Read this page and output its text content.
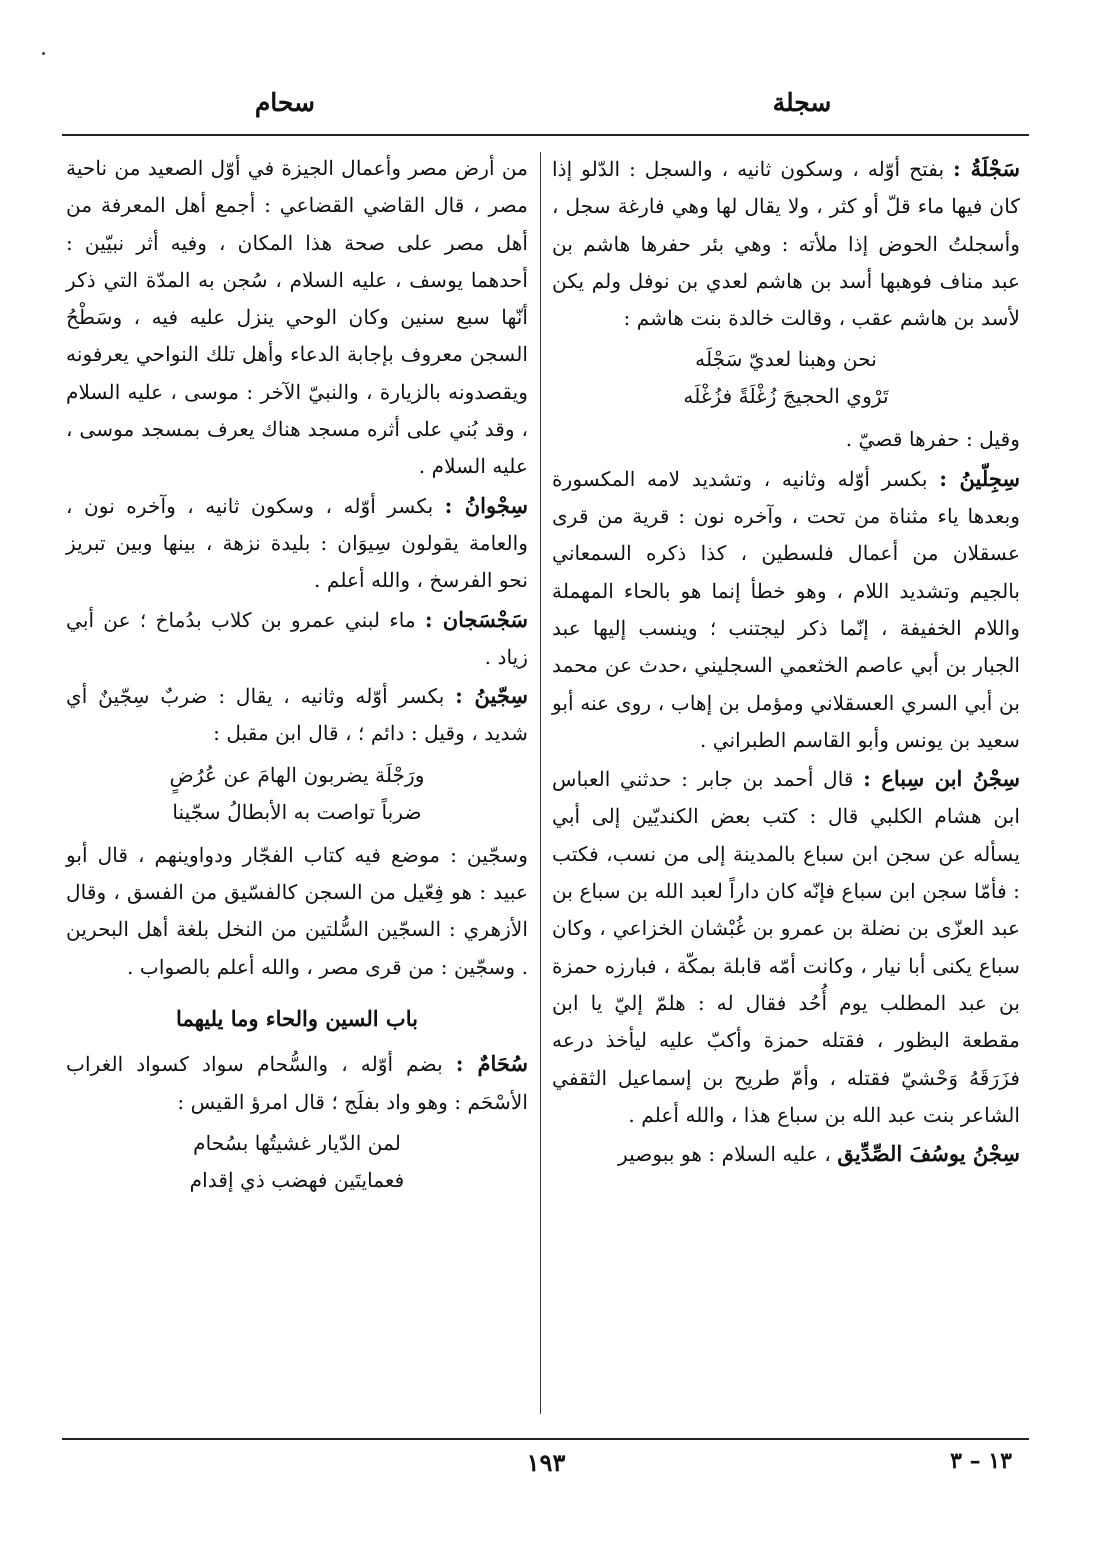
سجلة
سحام

سَجْلَةُ : بفتح أوّله ، وسكون ثانيه ، والسجل : الدّلو إذا كان فيها ماء قلّ أو كثر ، ولا يقال لها وهي فارغة سجل ، وأسجلتُ الحوض إذا ملأته : وهي بئر حفرها هاشم بن عبد مناف فوهبها أسد بن هاشم لعدي بن نوفل ولم يكن لأسد بن هاشم عقب ، وقالت خالدة بنت هاشم :

نحن وهبنا لعديّ سَجْلَه
تَرْوي الحجيجَ زُغْلَةً فزُغْلَه

وقيل : حفرها قصيّ .

سِجِلّينُ : بكسر أوّله وثانيه ، وتشديد لامه المكسورة وبعدها ياء مثناة من تحت ، وآخره نون : قرية من قرى عسقلان من أعمال فلسطين ، كذا ذكره السمعاني بالجيم وتشديد اللام ، وهو خطأ إنما هو بالحاء المهملة واللام الخفيفة ، إنّما ذكر ليجتنب ؛ وينسب إليها عبد الجبار بن أبي عاصم الخثعمي السجليني ،حدث عن محمد بن أبي السري العسقلاني ومؤمل بن إهاب ، روى عنه أبو سعيد بن يونس وأبو القاسم الطبراني .

سِجْنُ ابن سِباع : قال أحمد بن جابر : حدثني العباس ابن هشام الكلبي قال : كتب بعض الكنديّين إلى أبي يسأله عن سجن ابن سباع بالمدينة إلى من نسب، فكتب : فأمّا سجن ابن سباع فإنّه كان داراً لعبد الله بن سباع بن عبد العزّى بن نضلة بن عمرو بن غُبْشان الخزاعي ، وكان سباع يكنى أبا نيار ، وكانت أمّه قابلة بمكّة ، فبارزه حمزة بن عبد المطلب يوم أُحُد فقال له : هلمّ إليّ يا ابن مقطعة البظور ، فقتله حمزة وأكبّ عليه ليأخذ درعه فزَرَقَهُ وَحْشيّ فقتله ، وأمّ طريح بن إسماعيل الثقفي الشاعر بنت عبد الله بن سباع هذا ، والله أعلم .

سِجْنُ يوسُفَ الصِّدِّيق ، عليه السلام : هو ببوصير

من أرض مصر وأعمال الجيزة في أوّل الصعيد من ناحية مصر ، قال القاضي القضاعي : أجمع أهل المعرفة من أهل مصر على صحة هذا المكان ، وفيه أثر نبيّين : أحدهما يوسف ، عليه السلام ، سُجن به المدّة التي ذكر أنّها سبع سنين وكان الوحي ينزل عليه فيه ، وسَطْحُ السجن معروف بإجابة الدعاء وأهل تلك النواحي يعرفونه ويقصدونه بالزيارة ، والنبيّ الآخر : موسى ، عليه السلام ، وقد بُني على أثره مسجد هناك يعرف بمسجد موسى ، عليه السلام .

سِجْوانُ : بكسر أوّله ، وسكون ثانيه ، وآخره نون ، والعامة يقولون سِيوَان : بليدة نزهة ، بينها وبين تبريز نحو الفرسخ ، والله أعلم .

سَجْسَجان : ماء لبني عمرو بن كلاب بدُماخ ؛ عن أبي زياد .

سِجّينُ : بكسر أوّله وثانيه ، يقال : ضربٌ سِجّينٌ أي شديد ، وقيل : دائم ؛ ، قال ابن مقبل :

ورَجْلَة يضربون الهامَ عن عُرُضٍ
ضرباً تواصت به الأبطالُ سجّينا

وسجّين : موضع فيه كتاب الفجّار ودواوينهم ، قال أبو عبيد : هو فِعّيل من السجن كالفسّيق من الفسق ، وقال الأزهري : السجّين السُّلتين من النخل بلغة أهل البحرين . وسجّين : من قرى مصر ، والله أعلم بالصواب .

باب السين والحاء وما يليهما

سُحَامٌ : بضم أوّله ، والسُّحام سواد كسواد الغراب الأسْحَم : وهو واد بفلَج ؛ قال امرؤ القيس :

لمن الدّيار غشيتُها بسُحام
فعمايتَين فهضب ذي إقدام
١٩٣	١٣ – ٣
